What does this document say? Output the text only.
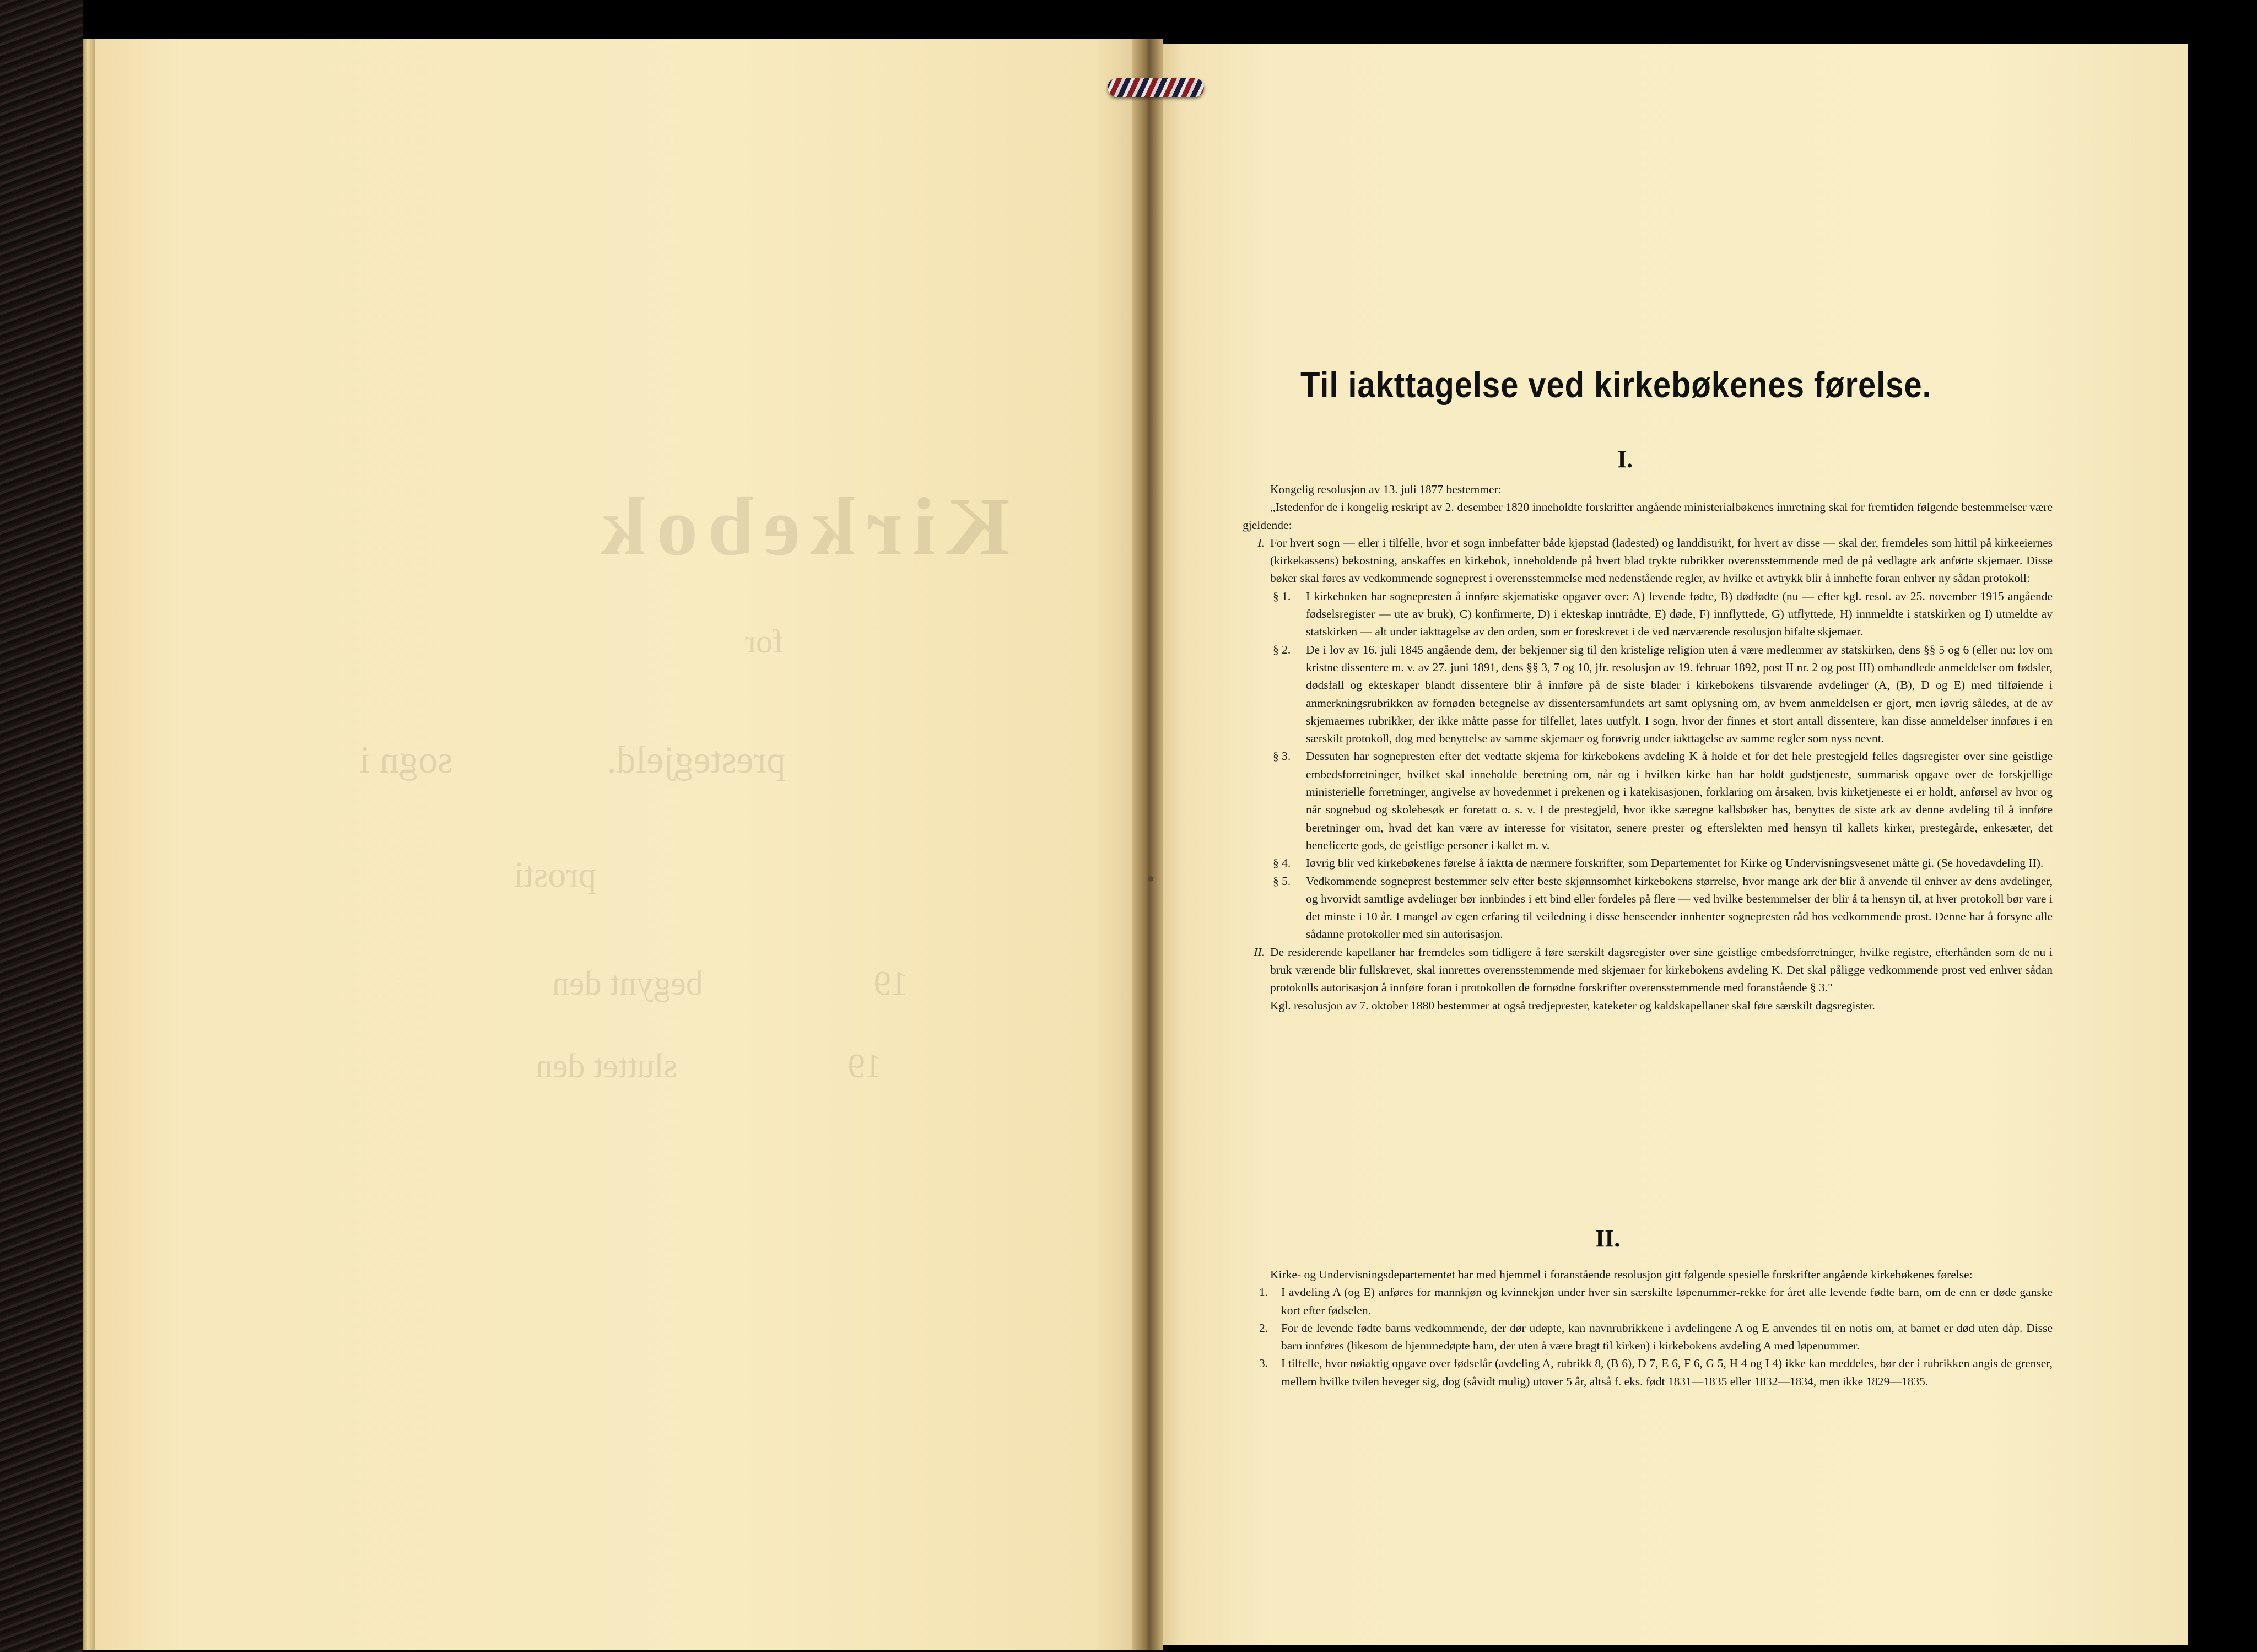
Kirkebok
for
prestegjeld.                sogn i
prosti
19                    begynt den
19                    sluttet den
Til iakttagelse ved kirkebøkenes førelse.
I.

Kongelig resolusjon av 13. juli 1877 bestemmer:

„Istedenfor de i kongelig reskript av 2. desember 1820 inneholdte forskrifter angående ministerialbøkenes innretning skal for fremtiden følgende bestemmelser være gjeldende:

I. For hvert sogn — eller i tilfelle, hvor et sogn innbefatter både kjøpstad (ladested) og landdistrikt, for hvert av disse — skal der, fremdeles som hittil på kirkeeiernes (kirkekassens) bekostning, anskaffes en kirkebok, inneholdende på hvert blad trykte rubrikker overensstemmende med de på vedlagte ark anførte skjemaer. Disse bøker skal føres av vedkommende sogneprest i overensstemmelse med nedenstående regler, av hvilke et avtrykk blir å innhefte foran enhver ny sådan protokoll:
§ 1.	I kirkeboken har sognepresten å innføre skjematiske opgaver over: A) levende fødte, B) dødfødte (nu — efter kgl. resol. av 25. november 1915 angående fødselsregister — ute av bruk), C) konfirmerte, D) i ekteskap inntrådte, E) døde, F) innflyttede, G) utflyttede, H) innmeldte i statskirken og I) utmeldte av statskirken — alt under iakttagelse av den orden, som er foreskrevet i de ved nærværende resolusjon bifalte skjemaer.
§ 2.	De i lov av 16. juli 1845 angående dem, der bekjenner sig til den kristelige religion uten å være medlemmer av statskirken, dens §§ 5 og 6 (eller nu: lov om kristne dissentere m. v. av 27. juni 1891, dens §§ 3, 7 og 10, jfr. resolusjon av 19. februar 1892, post II nr. 2 og post III) omhandlede anmeldelser om fødsler, dødsfall og ekteskaper blandt dissentere blir å innføre på de siste blader i kirkebokens tilsvarende avdelinger (A, (B), D og E) med tilføiende i anmerkningsrubrikken av fornøden betegnelse av dissentersamfundets art samt oplysning om, av hvem anmeldelsen er gjort, men iøvrig således, at de av skjemaernes rubrikker, der ikke måtte passe for tilfellet, lates uutfylt. I sogn, hvor der finnes et stort antall dissentere, kan disse anmeldelser innføres i en særskilt protokoll, dog med benyttelse av samme skjemaer og forøvrig under iakttagelse av samme regler som nyss nevnt.
§ 3.	Dessuten har sognepresten efter det vedtatte skjema for kirkebokens avdeling K å holde et for det hele prestegjeld felles dagsregister over sine geistlige embedsforretninger, hvilket skal inneholde beretning om, når og i hvilken kirke han har holdt gudstjeneste, summarisk opgave over de forskjellige ministerielle forretninger, angivelse av hovedemnet i prekenen og i katekisasjonen, forklaring om årsaken, hvis kirketjeneste ei er holdt, anførsel av hvor og når sognebud og skolebesøk er foretatt o. s. v. I de prestegjeld, hvor ikke særegne kallsbøker has, benyttes de siste ark av denne avdeling til å innføre beretninger om, hvad det kan være av interesse for visitator, senere prester og efterslekten med hensyn til kallets kirker, prestegårde, enkesæter, det beneficerte gods, de geistlige personer i kallet m. v.
§ 4.	Iøvrig blir ved kirkebøkenes førelse å iaktta de nærmere forskrifter, som Departementet for Kirke og Undervisningsvesenet måtte gi. (Se hovedavdeling II).
§ 5.	Vedkommende sogneprest bestemmer selv efter beste skjønnsomhet kirkebokens størrelse, hvor mange ark der blir å anvende til enhver av dens avdelinger, og hvorvidt samtlige avdelinger bør innbindes i ett bind eller fordeles på flere — ved hvilke bestemmelser der blir å ta hensyn til, at hver protokoll bør vare i det minste i 10 år. I mangel av egen erfaring til veiledning i disse henseender innhenter sognepresten råd hos vedkommende prost. Denne har å forsyne alle sådanne protokoller med sin autorisasjon.
II. De residerende kapellaner har fremdeles som tidligere å føre særskilt dagsregister over sine geistlige embedsforretninger, hvilke registre, efterhånden som de nu i bruk værende blir fullskrevet, skal innrettes overensstemmende med skjemaer for kirkebokens avdeling K. Det skal påligge vedkommende prost ved enhver sådan protokolls autorisasjon å innføre foran i protokollen de fornødne forskrifter overensstemmende med foranstående § 3."

Kgl. resolusjon av 7. oktober 1880 bestemmer at også tredjeprester, kateketer og kaldskapellaner skal føre særskilt dagsregister.

II.

Kirke- og Undervisningsdepartementet har med hjemmel i foranstående resolusjon gitt følgende spesielle forskrifter angående kirkebøkenes førelse:

1.	I avdeling A (og E) anføres for mannkjøn og kvinnekjøn under hver sin særskilte løpenummer-rekke for året alle levende fødte barn, om de enn er døde ganske kort efter fødselen.
2.	For de levende fødte barns vedkommende, der dør udøpte, kan navnrubrikkene i avdelingene A og E anvendes til en notis om, at barnet er død uten dåp. Disse barn innføres (likesom de hjemmedøpte barn, der uten å være bragt til kirken) i kirkebokens avdeling A med løpenummer.
3.	I tilfelle, hvor nøiaktig opgave over fødselår (avdeling A, rubrikk 8, (B 6), D 7, E 6, F 6, G 5, H 4 og I 4) ikke kan meddeles, bør der i rubrikken angis de grenser, mellem hvilke tvilen beveger sig, dog (såvidt mulig) utover 5 år, altså f. eks. født 1831—1835 eller 1832—1834, men ikke 1829—1835.
